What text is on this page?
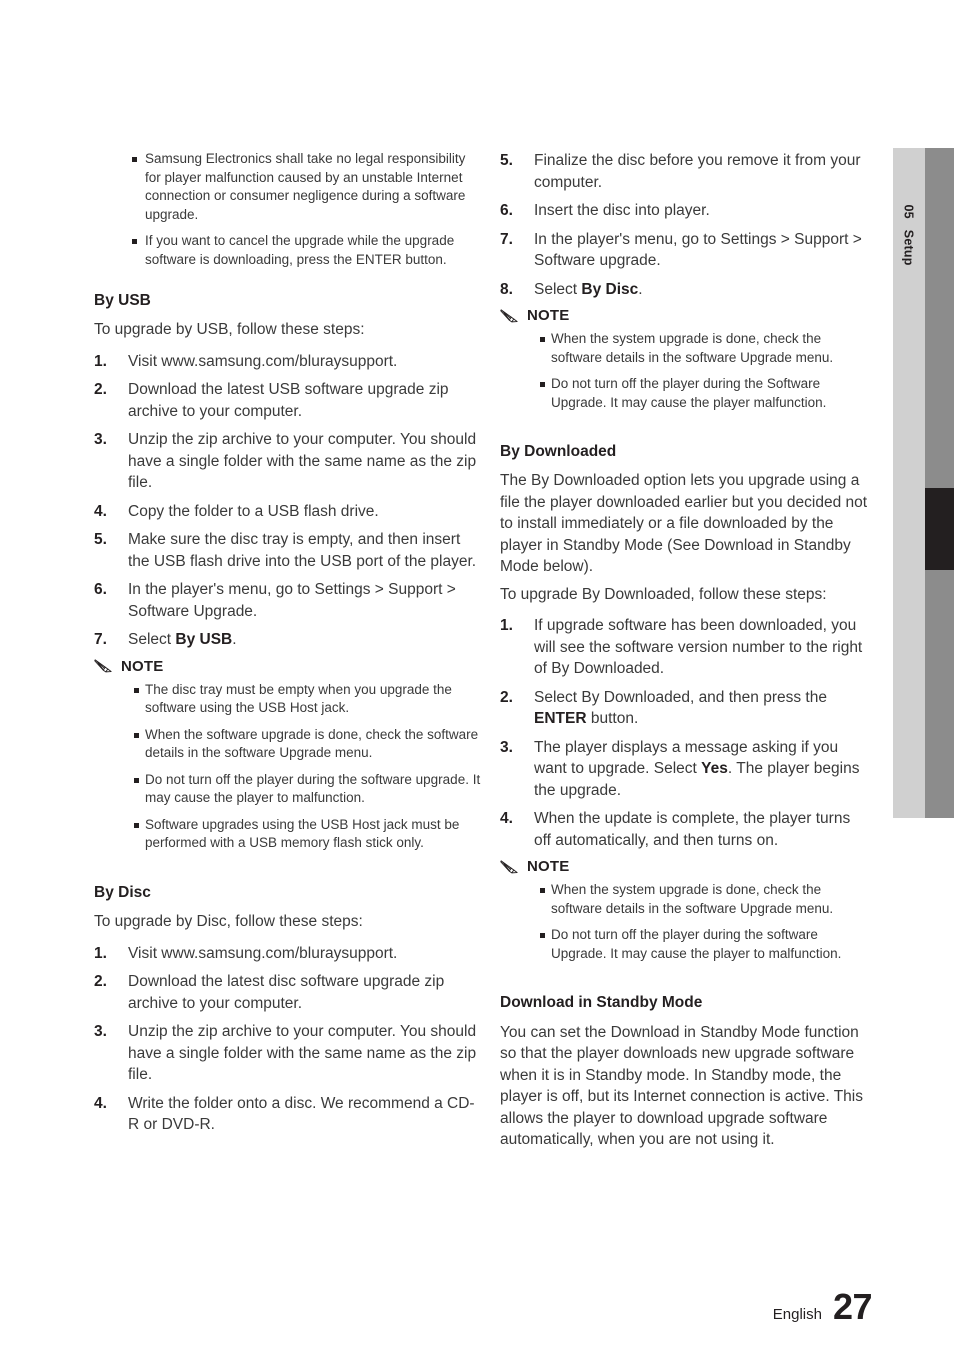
05   Setup
Samsung Electronics shall take no legal responsibility for player malfunction caused by an unstable Internet connection or consumer negligence during a software upgrade.
If you want to cancel the upgrade while the upgrade software is downloading, press the ENTER button.
By USB

To upgrade by USB, follow these steps:

1. Visit www.samsung.com/bluraysupport.
2. Download the latest USB software upgrade zip archive to your computer.
3. Unzip the zip archive to your computer. You should have a single folder with the same name as the zip file.
4. Copy the folder to a USB flash drive.
5. Make sure the disc tray is empty, and then insert the USB flash drive into the USB port of the player.
6. In the player's menu, go to Settings > Support > Software Upgrade.
7. Select By USB.
NOTE
The disc tray must be empty when you upgrade the software using the USB Host jack.
When the software upgrade is done, check the software details in the software Upgrade menu.
Do not turn off the player during the software upgrade. It may cause the player to malfunction.
Software upgrades using the USB Host jack must be performed with a USB memory flash stick only.
By Disc

To upgrade by Disc, follow these steps:

1. Visit www.samsung.com/bluraysupport.
2. Download the latest disc software upgrade zip archive to your computer.
3. Unzip the zip archive to your computer. You should have a single folder with the same name as the zip file.
4. Write the folder onto a disc. We recommend a CD-R or DVD-R.
5. Finalize the disc before you remove it from your computer.
6. Insert the disc into player.
7. In the player's menu, go to Settings > Support > Software upgrade.
8. Select By Disc.
NOTE
When the system upgrade is done, check the software details in the software Upgrade menu.
Do not turn off the player during the Software Upgrade. It may cause the player malfunction.
By Downloaded

The By Downloaded option lets you upgrade using a file the player downloaded earlier but you decided not to install immediately or a file downloaded by the player in Standby Mode (See Download in Standby Mode below).

To upgrade By Downloaded, follow these steps:

1. If upgrade software has been downloaded, you will see the software version number to the right of By Downloaded.
2. Select By Downloaded, and then press the ENTER button.
3. The player displays a message asking if you want to upgrade. Select Yes. The player begins the upgrade.
4. When the update is complete, the player turns off automatically, and then turns on.
NOTE
When the system upgrade is done, check the software details in the software Upgrade menu.
Do not turn off the player during the software Upgrade. It may cause the player to malfunction.
Download in Standby Mode

You can set the Download in Standby Mode function so that the player downloads new upgrade software when it is in Standby mode. In Standby mode, the player is off, but its Internet connection is active. This allows the player to download upgrade software automatically, when you are not using it.

English 27
